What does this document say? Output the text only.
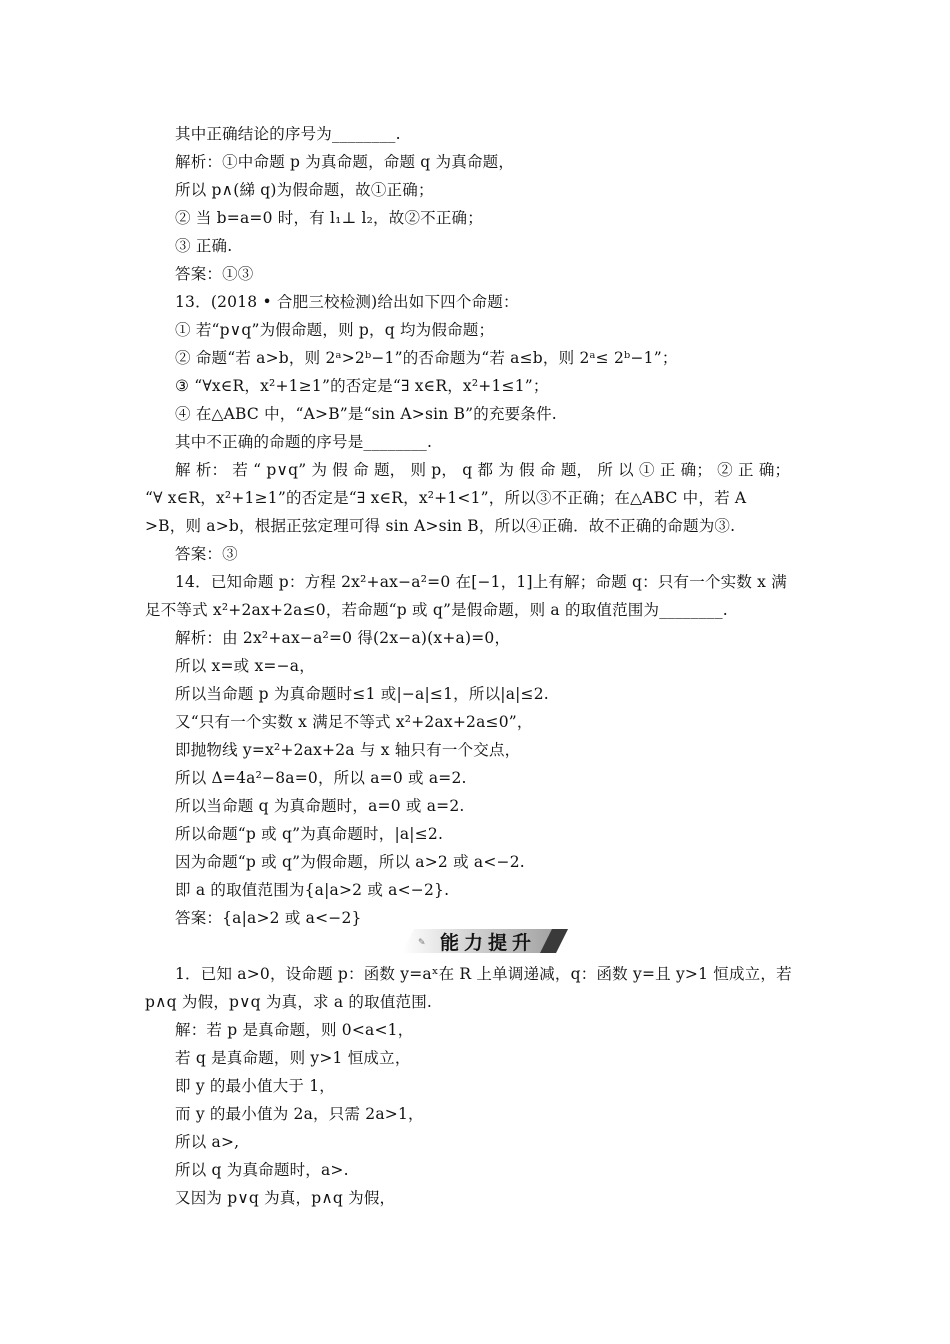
其中正确结论的序号为________.
解析：①中命题 p 为真命题，命题 q 为真命题，
所以 p∧(綈 q)为假命题，故①正确；
② 当 b=a=0 时，有 l₁⊥ l₂，故②不正确；
③ 正确.
答案：①③
13．(2018 • 合肥三校检测)给出如下四个命题：
① 若“p∨q”为假命题，则 p，q 均为假命题；
② 命题“若 a>b，则 2ᵃ>2ᵇ−1”的否命题为“若 a≤b，则 2ᵃ≤ 2ᵇ−1”；
③ “∀x∈R，x²+1≥1”的否定是“∃ x∈R，x²+1≤1”；
④ 在△ABC 中，“A>B”是“sin A>sin B”的充要条件.
其中不正确的命题的序号是________.
解 析： 若 “ p∨q” 为 假 命 题， 则 p， q 都 为 假 命 题， 所 以 ① 正 确； ② 正 确；
“∀ x∈R，x²+1≥1”的否定是“∃ x∈R，x²+1<1”，所以③不正确；在△ABC 中，若 A
>B，则 a>b，根据正弦定理可得 sin A>sin B，所以④正确．故不正确的命题为③.
答案：③
14．已知命题 p：方程 2x²+ax−a²=0 在[−1，1]上有解；命题 q：只有一个实数 x 满
足不等式 x²+2ax+2a≤0，若命题“p 或 q”是假命题，则 a 的取值范围为________.
解析：由 2x²+ax−a²=0 得(2x−a)(x+a)=0，
所以 x=或 x=−a，
所以当命题 p 为真命题时≤1 或|−a|≤1，所以|a|≤2.
又“只有一个实数 x 满足不等式 x²+2ax+2a≤0”，
即抛物线 y=x²+2ax+2a 与 x 轴只有一个交点，
所以 Δ=4a²−8a=0，所以 a=0 或 a=2.
所以当命题 q 为真命题时，a=0 或 a=2.
所以命题“p 或 q”为真命题时，|a|≤2.
因为命题“p 或 q”为假命题，所以 a>2 或 a<−2.
即 a 的取值范围为{a|a>2 或 a<−2}.
答案：{a|a>2 或 a<−2}
✎ 能力提升
1．已知 a>0，设命题 p：函数 y=aˣ在 R 上单调递减，q：函数 y=且 y>1 恒成立，若
p∧q 为假，p∨q 为真，求 a 的取值范围.
解：若 p 是真命题，则 0<a<1，
若 q 是真命题，则 y>1 恒成立，
即 y 的最小值大于 1，
而 y 的最小值为 2a，只需 2a>1，
所以 a>,
所以 q 为真命题时，a>.
又因为 p∨q 为真，p∧q 为假，
